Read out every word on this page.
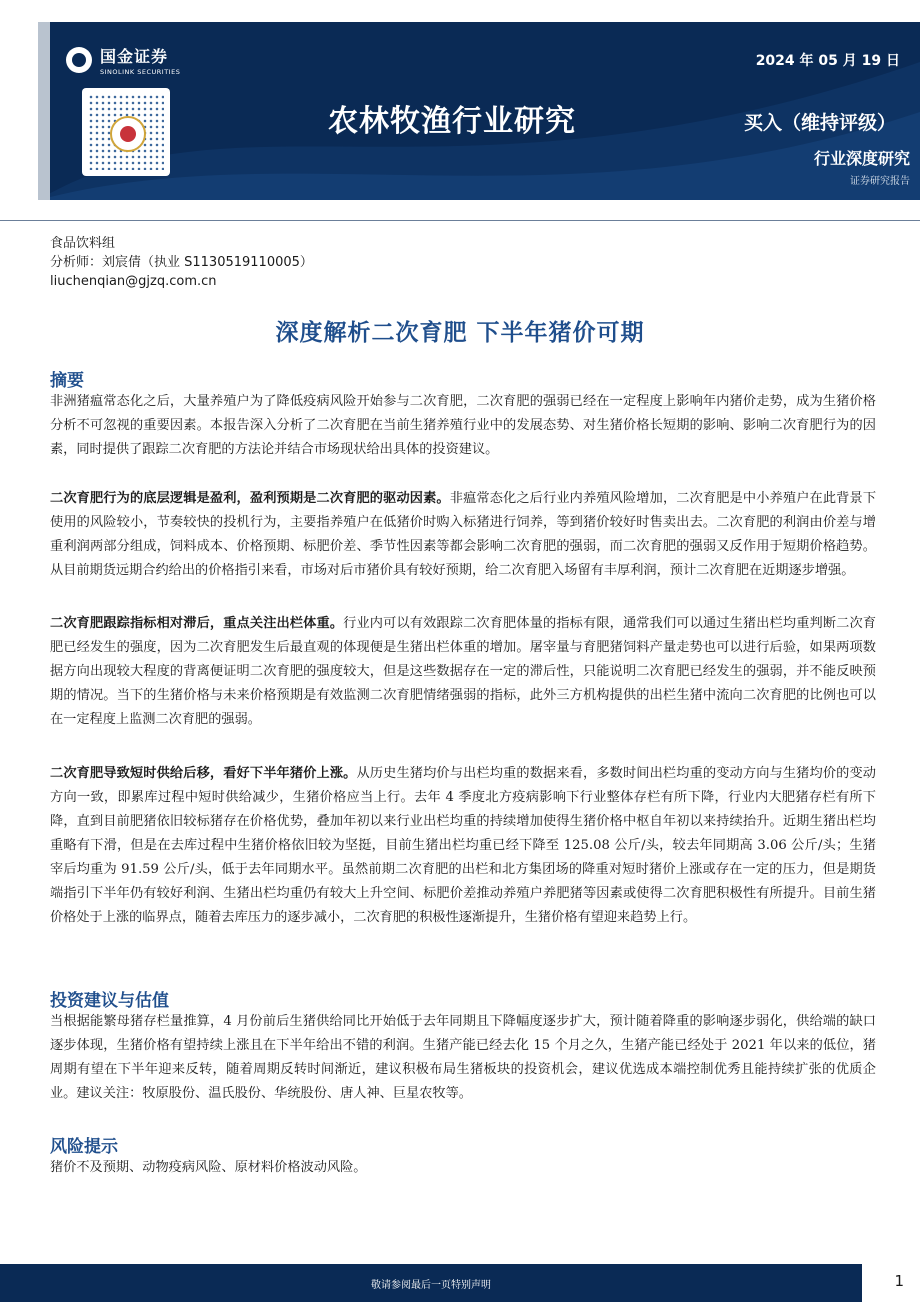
国金证券
SINOLINK SECURITIES
2024 年 05 月 19 日
农林牧渔行业研究	买入（维持评级）
行业深度研究
证券研究报告
食品饮料组
分析师：刘宸倩（执业 S1130519110005）
liuchenqian@gjzq.com.cn
深度解析二次育肥 下半年猪价可期
摘要
非洲猪瘟常态化之后，大量养殖户为了降低疫病风险开始参与二次育肥，二次育肥的强弱已经在一定程度上影响年内猪价走势，成为生猪价格分析不可忽视的重要因素。本报告深入分析了二次育肥在当前生猪养殖行业中的发展态势、对生猪价格长短期的影响、影响二次育肥行为的因素，同时提供了跟踪二次育肥的方法论并结合市场现状给出具体的投资建议。
二次育肥行为的底层逻辑是盈利，盈利预期是二次育肥的驱动因素。非瘟常态化之后行业内养殖风险增加，二次育肥是中小养殖户在此背景下使用的风险较小，节奏较快的投机行为，主要指养殖户在低猪价时购入标猪进行饲养，等到猪价较好时售卖出去。二次育肥的利润由价差与增重利润两部分组成，饲料成本、价格预期、标肥价差、季节性因素等都会影响二次育肥的强弱，而二次育肥的强弱又反作用于短期价格趋势。从目前期货远期合约给出的价格指引来看，市场对后市猪价具有较好预期，给二次育肥入场留有丰厚利润，预计二次育肥在近期逐步增强。
二次育肥跟踪指标相对滞后，重点关注出栏体重。行业内可以有效跟踪二次育肥体量的指标有限，通常我们可以通过生猪出栏均重判断二次育肥已经发生的强度，因为二次育肥发生后最直观的体现便是生猪出栏体重的增加。屠宰量与育肥猪饲料产量走势也可以进行后验，如果两项数据方向出现较大程度的背离便证明二次育肥的强度较大，但是这些数据存在一定的滞后性，只能说明二次育肥已经发生的强弱，并不能反映预期的情况。当下的生猪价格与未来价格预期是有效监测二次育肥情绪强弱的指标，此外三方机构提供的出栏生猪中流向二次育肥的比例也可以在一定程度上监测二次育肥的强弱。
二次育肥导致短时供给后移，看好下半年猪价上涨。从历史生猪均价与出栏均重的数据来看，多数时间出栏均重的变动方向与生猪均价的变动方向一致，即累库过程中短时供给减少，生猪价格应当上行。去年 4 季度北方疫病影响下行业整体存栏有所下降，行业内大肥猪存栏有所下降，直到目前肥猪依旧较标猪存在价格优势，叠加年初以来行业出栏均重的持续增加使得生猪价格中枢自年初以来持续抬升。近期生猪出栏均重略有下滑，但是在去库过程中生猪价格依旧较为坚挺，目前生猪出栏均重已经下降至 125.08 公斤/头，较去年同期高 3.06 公斤/头；生猪宰后均重为 91.59 公斤/头，低于去年同期水平。虽然前期二次育肥的出栏和北方集团场的降重对短时猪价上涨或存在一定的压力，但是期货端指引下半年仍有较好利润、生猪出栏均重仍有较大上升空间、标肥价差推动养殖户养肥猪等因素或使得二次育肥积极性有所提升。目前生猪价格处于上涨的临界点，随着去库压力的逐步减小，二次育肥的积极性逐渐提升，生猪价格有望迎来趋势上行。
投资建议与估值
当根据能繁母猪存栏量推算，4 月份前后生猪供给同比开始低于去年同期且下降幅度逐步扩大，预计随着降重的影响逐步弱化，供给端的缺口逐步体现，生猪价格有望持续上涨且在下半年给出不错的利润。生猪产能已经去化 15 个月之久，生猪产能已经处于 2021 年以来的低位，猪周期有望在下半年迎来反转，随着周期反转时间渐近，建议积极布局生猪板块的投资机会，建议优选成本端控制优秀且能持续扩张的优质企业。建议关注：牧原股份、温氏股份、华统股份、唐人神、巨星农牧等。
风险提示
猪价不及预期、动物疫病风险、原材料价格波动风险。
敬请参阅最后一页特别声明	1
